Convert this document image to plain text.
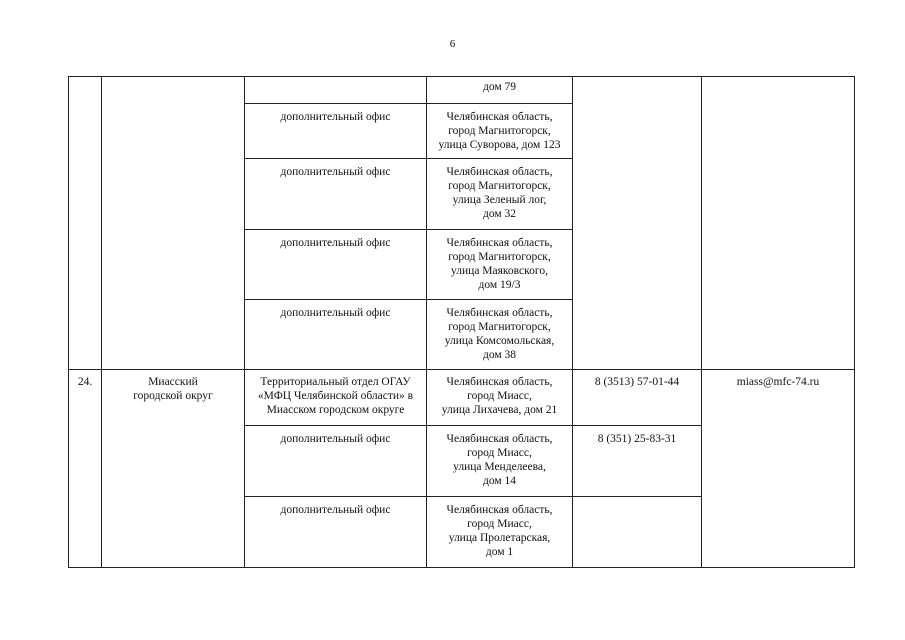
6
			дом 79		
		дополнительный офис	Челябинская область,
город Магнитогорск,
улица Суворова, дом 123		
		дополнительный офис	Челябинская область,
город Магнитогорск,
улица Зеленый лог,
дом 32		
		дополнительный офис	Челябинская область,
город Магнитогорск,
улица Маяковского,
дом 19/3		
		дополнительный офис	Челябинская область,
город Магнитогорск,
улица Комсомольская,
дом 38		
24.	Миасский
городской округ	Территориальный отдел ОГАУ
«МФЦ Челябинской области» в
Миасском городском округе	Челябинская область,
город Миасс,
улица Лихачева, дом 21	8 (3513) 57-01-44	miass@mfc-74.ru
		дополнительный офис	Челябинская область,
город Миасс,
улица Менделеева,
дом 14	8 (351) 25-83-31	
		дополнительный офис	Челябинская область,
город Миасс,
улица Пролетарская,
дом 1		
